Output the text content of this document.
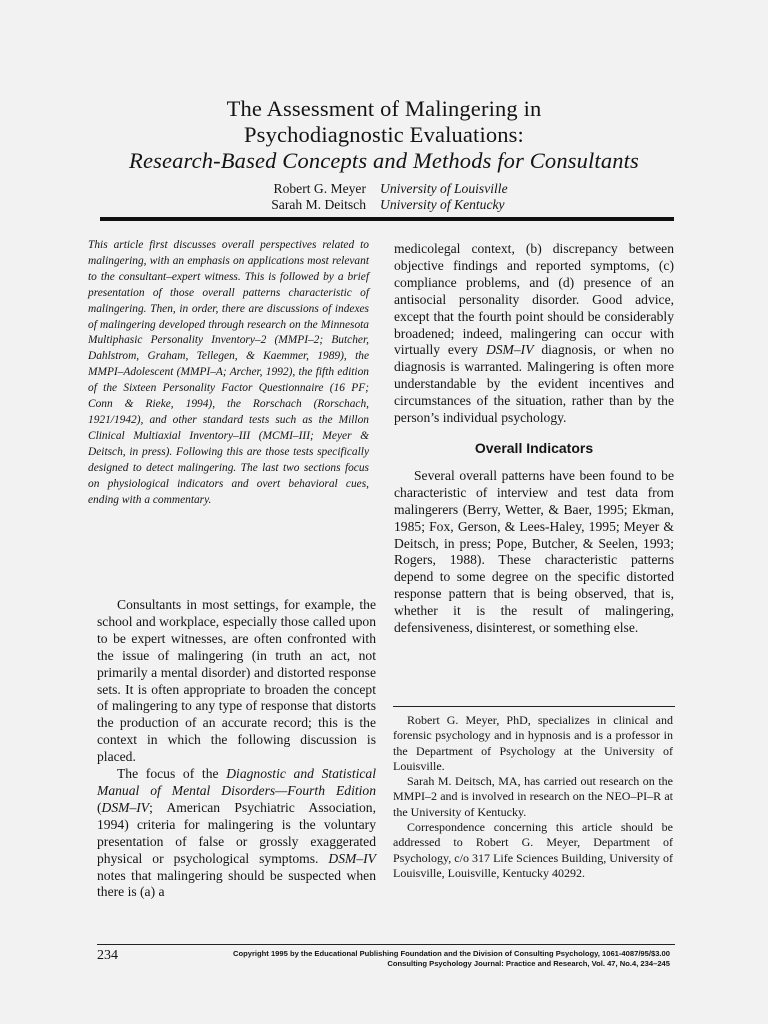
The Assessment of Malingering in
Psychodiagnostic Evaluations:
Research-Based Concepts and Methods for Consultants
Robert G. Meyer	University of Louisville
Sarah M. Deitsch	University of Kentucky
This article first discusses overall perspectives related to malingering, with an emphasis on applications most relevant to the consultant–expert witness. This is followed by a brief presentation of those overall patterns characteristic of malingering. Then, in order, there are discussions of indexes of malingering developed through research on the Minnesota Multiphasic Personality Inventory–2 (MMPI–2; Butcher, Dahlstrom, Graham, Tellegen, & Kaemmer, 1989), the MMPI–Adolescent (MMPI–A; Archer, 1992), the fifth edition of the Sixteen Personality Factor Questionnaire (16 PF; Conn & Rieke, 1994), the Rorschach (Rorschach, 1921/1942), and other standard tests such as the Millon Clinical Multiaxial Inventory–III (MCMI–III; Meyer & Deitsch, in press). Following this are those tests specifically designed to detect malingering. The last two sections focus on physiological indicators and overt behavioral cues, ending with a commentary.

Consultants in most settings, for example, the school and workplace, especially those called upon to be expert witnesses, are often confronted with the issue of malingering (in truth an act, not primarily a mental disorder) and distorted response sets. It is often appropriate to broaden the concept of malingering to any type of response that distorts the production of an accurate record; this is the context in which the following discussion is placed.

The focus of the Diagnostic and Statistical Manual of Mental Disorders—Fourth Edition (DSM–IV; American Psychiatric Association, 1994) criteria for malingering is the voluntary presentation of false or grossly exaggerated physical or psychological symptoms. DSM–IV notes that malingering should be suspected when there is (a) a

medicolegal context, (b) discrepancy between objective findings and reported symptoms, (c) compliance problems, and (d) presence of an antisocial personality disorder. Good advice, except that the fourth point should be considerably broadened; indeed, malingering can occur with virtually every DSM–IV diagnosis, or when no diagnosis is warranted. Malingering is often more understandable by the evident incentives and circumstances of the situation, rather than by the person’s individual psychology.

Overall Indicators

Several overall patterns have been found to be characteristic of interview and test data from malingerers (Berry, Wetter, & Baer, 1995; Ekman, 1985; Fox, Gerson, & Lees-Haley, 1995; Meyer & Deitsch, in press; Pope, Butcher, & Seelen, 1993; Rogers, 1988). These characteristic patterns depend to some degree on the specific distorted response pattern that is being observed, that is, whether it is the result of malingering, defensiveness, disinterest, or something else.

Robert G. Meyer, PhD, specializes in clinical and forensic psychology and in hypnosis and is a professor in the Department of Psychology at the University of Louisville.

Sarah M. Deitsch, MA, has carried out research on the MMPI–2 and is involved in research on the NEO–PI–R at the University of Kentucky.

Correspondence concerning this article should be addressed to Robert G. Meyer, Department of Psychology, c/o 317 Life Sciences Building, University of Louisville, Louisville, Kentucky 40292.

234	Copyright 1995 by the Educational Publishing Foundation and the Division of Consulting Psychology, 1061-4087/95/$3.00
Consulting Psychology Journal: Practice and Research, Vol. 47, No.4, 234–245
